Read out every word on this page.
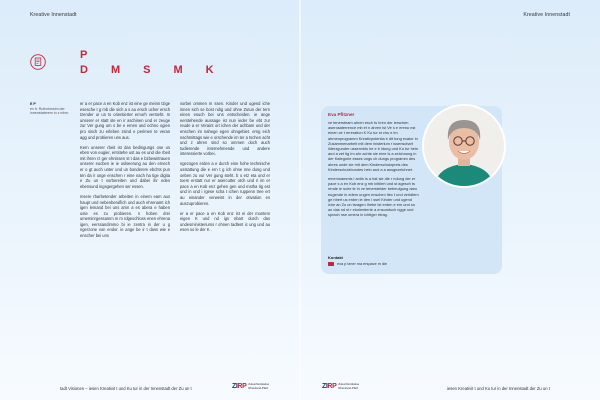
Kreative Innenstadt	Kreative Innenstadt
P
D M S M K
E P
ex fr. Ruthchewim der innenstaterem in z mhm

er a er pace a en Kob enz ist eine ge meinn tzige esesche t g mb die sich a s au ersch ucher ersch tzender ur un ts orientierter ernorh versteht. In unserer er statt ste en ir aschinen und er zeuge zur Ver gung um s be e emen und echno ogien pro sisch zu erleben zsind e perimen te veran agg und probieren uns aus.

Kern unserer rbeit ist das bedingungs ose us eben von eugier, entstehe ust au es und die rbeit mit ihren rz ger ehnissen st t das e bzbewirtrauen unserer eucben ie ie uslseerung au den ernech er o gt auch unter und un bonderem ebchts pun ten da ir unge enschen r eine nach ha tige digita e Zu un t vorbereiten und dabei ihr edes ebensund ingsgergehen ser essen.

msere rbarbetender arbeiten in einem eam aus haupt und nebenberuflich und auch ehrenamt ich igen lemand bei uns amn a es abera e haben uste es zu probieren. n hoben drei umeminrgessamm m m rdgeschloss enen ehrena igen, eerssandimmo bi ie zentra in der u g ngerzone von endor. ie ange be ir t dass wie e enscher bei uns

vorbei ommen m ssen. Kinder und ugend iche innen sich se bost ndig und ohne Zutun der tern einen esuch bei uns entscheiden. ie ange eerstehende aussage ist nun ieder be ebt zur reude a er Veraint ort ichen der achbam und der enschen im nahege egen ohngebiet. erng eich nachmittags wie e orschende im ter a tschen acht und z ahren sind so ommen doch auch tudierende internehmende und andere interessierte vorbei.

ngezogen erden a e durch eine hohe technische usstattung die e ern t g ich ohne nne dung und oeben zu vur Ver gung steht. b o etz eta und er toem erstatt nur er asercutter otch und ri im er pace a en Kob enz gehen gen und mstha tig est und in und i rgese scha t ichen ruppenn tree ert au einander verweint in der otivation es auszuprobieren.

er a er pace a en Kob enz ist ei der montem eigen K und nd igs nbart durch das undesministeriums r ohnen tadtent ic ung und au esen so le der K .

Eva Pfitzner

ve tenersteam ahren esch ts hren der ierschen aserosaterrence mb et n ahren ist Ve s e ereno nst einen ce t erreration K Ku tur st chu e im ahmenprogramm Kreativpotentia e dit tung ecator in Zusammenarbeit mit dem inisterium r issenschart ilderzgunder ussenvidu he e b ldung und Ku tur hein and a zet tig Im ahr achte sie eine ls a zeichnung in der Kategorie esses ungs ch dungs programm des ahres unde sie mit dem Kinderschutzpreis des Kinderschutzbundes hein and a a ausgezeichnet.

emenmammis i antin is a hat sie die r ndung der er pace s a en Kob enz g mb initiiert und st agesch ts rende ie sche te in ve tenersteider betreuigung daru eugende in edem ungen enschen itec t und veridtem ge nbert us erden ie den i ssei Kinder und ugend iche an Zu un tsragen Ihebe ist erden e em und so an das nd st r eiorientierte a ensundsch ngge und sprach nse umera in ichtiger etrag.

Kontakt
eva p tzner ma erspace m die
tadt Visionen – iesen Kreativit t und Ku tur in der Innenstadt der Zu un t	ZIRP Zukunftsinitiative
Rheinland-Pfalz	ZIRP Zukunftsinitiative
Rheinland-Pfalz	iesen Kreativit t und Ku tur in der Innenstadt der Zu un t
